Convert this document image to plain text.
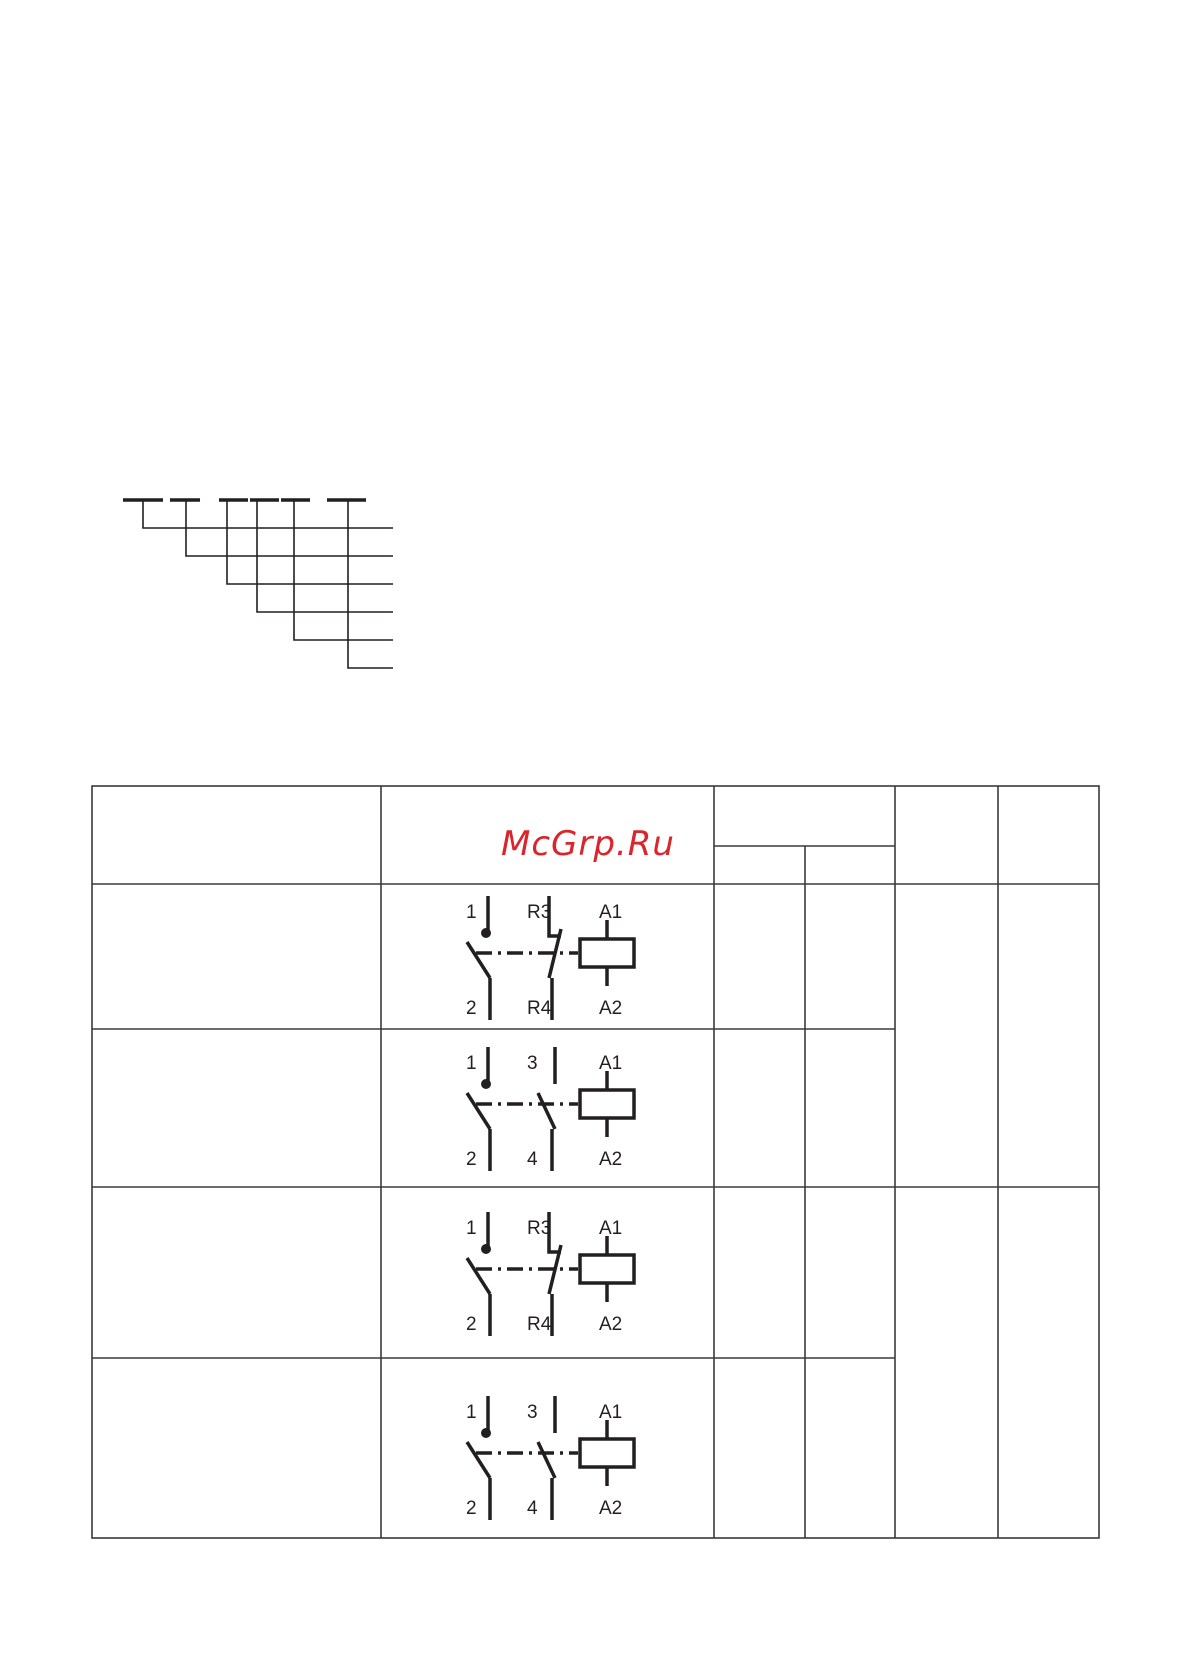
McGrp.Ru
1	R3	A1
2	R4	A2
1	3	A1
2	4	A2
1	R3	A1
2	R4	A2
1	3	A1
2	4	A2
